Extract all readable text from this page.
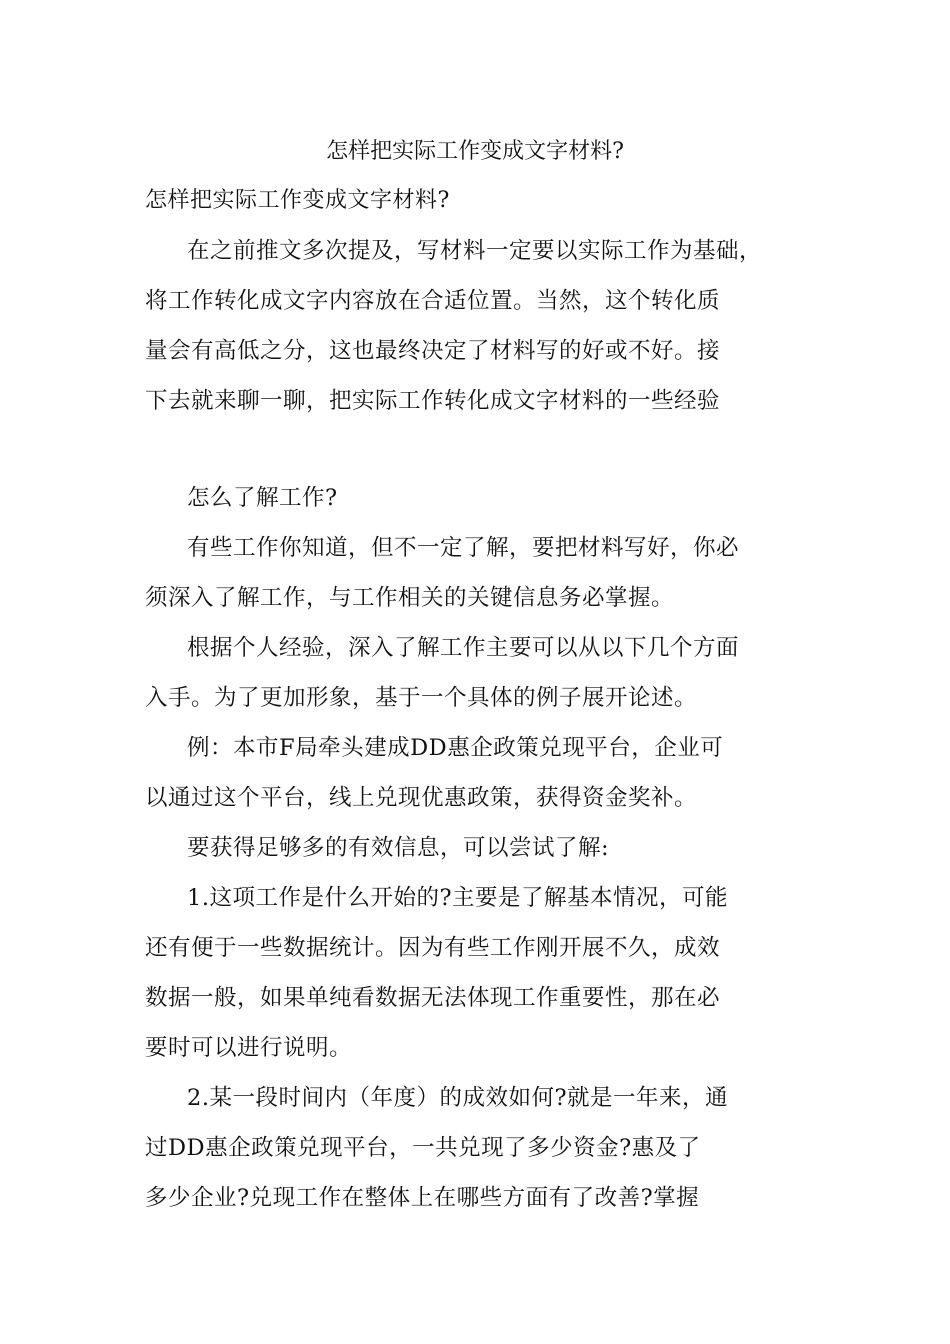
怎样把实际工作变成文字材料?
怎样把实际工作变成文字材料?
在之前推文多次提及，写材料一定要以实际工作为基础，
将工作转化成文字内容放在合适位置。当然，这个转化质
量会有高低之分，这也最终决定了材料写的好或不好。接
下去就来聊一聊，把实际工作转化成文字材料的一些经验
怎么了解工作?
有些工作你知道，但不一定了解，要把材料写好，你必
须深入了解工作，与工作相关的关键信息务必掌握。
根据个人经验，深入了解工作主要可以从以下几个方面
入手。为了更加形象，基于一个具体的例子展开论述。
例：本市F局牵头建成DD惠企政策兑现平台，企业可
以通过这个平台，线上兑现优惠政策，获得资金奖补。
要获得足够多的有效信息，可以尝试了解:
1.这项工作是什么开始的?主要是了解基本情况，可能
还有便于一些数据统计。因为有些工作刚开展不久，成效
数据一般，如果单纯看数据无法体现工作重要性，那在必
要时可以进行说明。
2.某一段时间内（年度）的成效如何?就是一年来，通
过DD惠企政策兑现平台，一共兑现了多少资金?惠及了
多少企业?兑现工作在整体上在哪些方面有了改善?掌握
